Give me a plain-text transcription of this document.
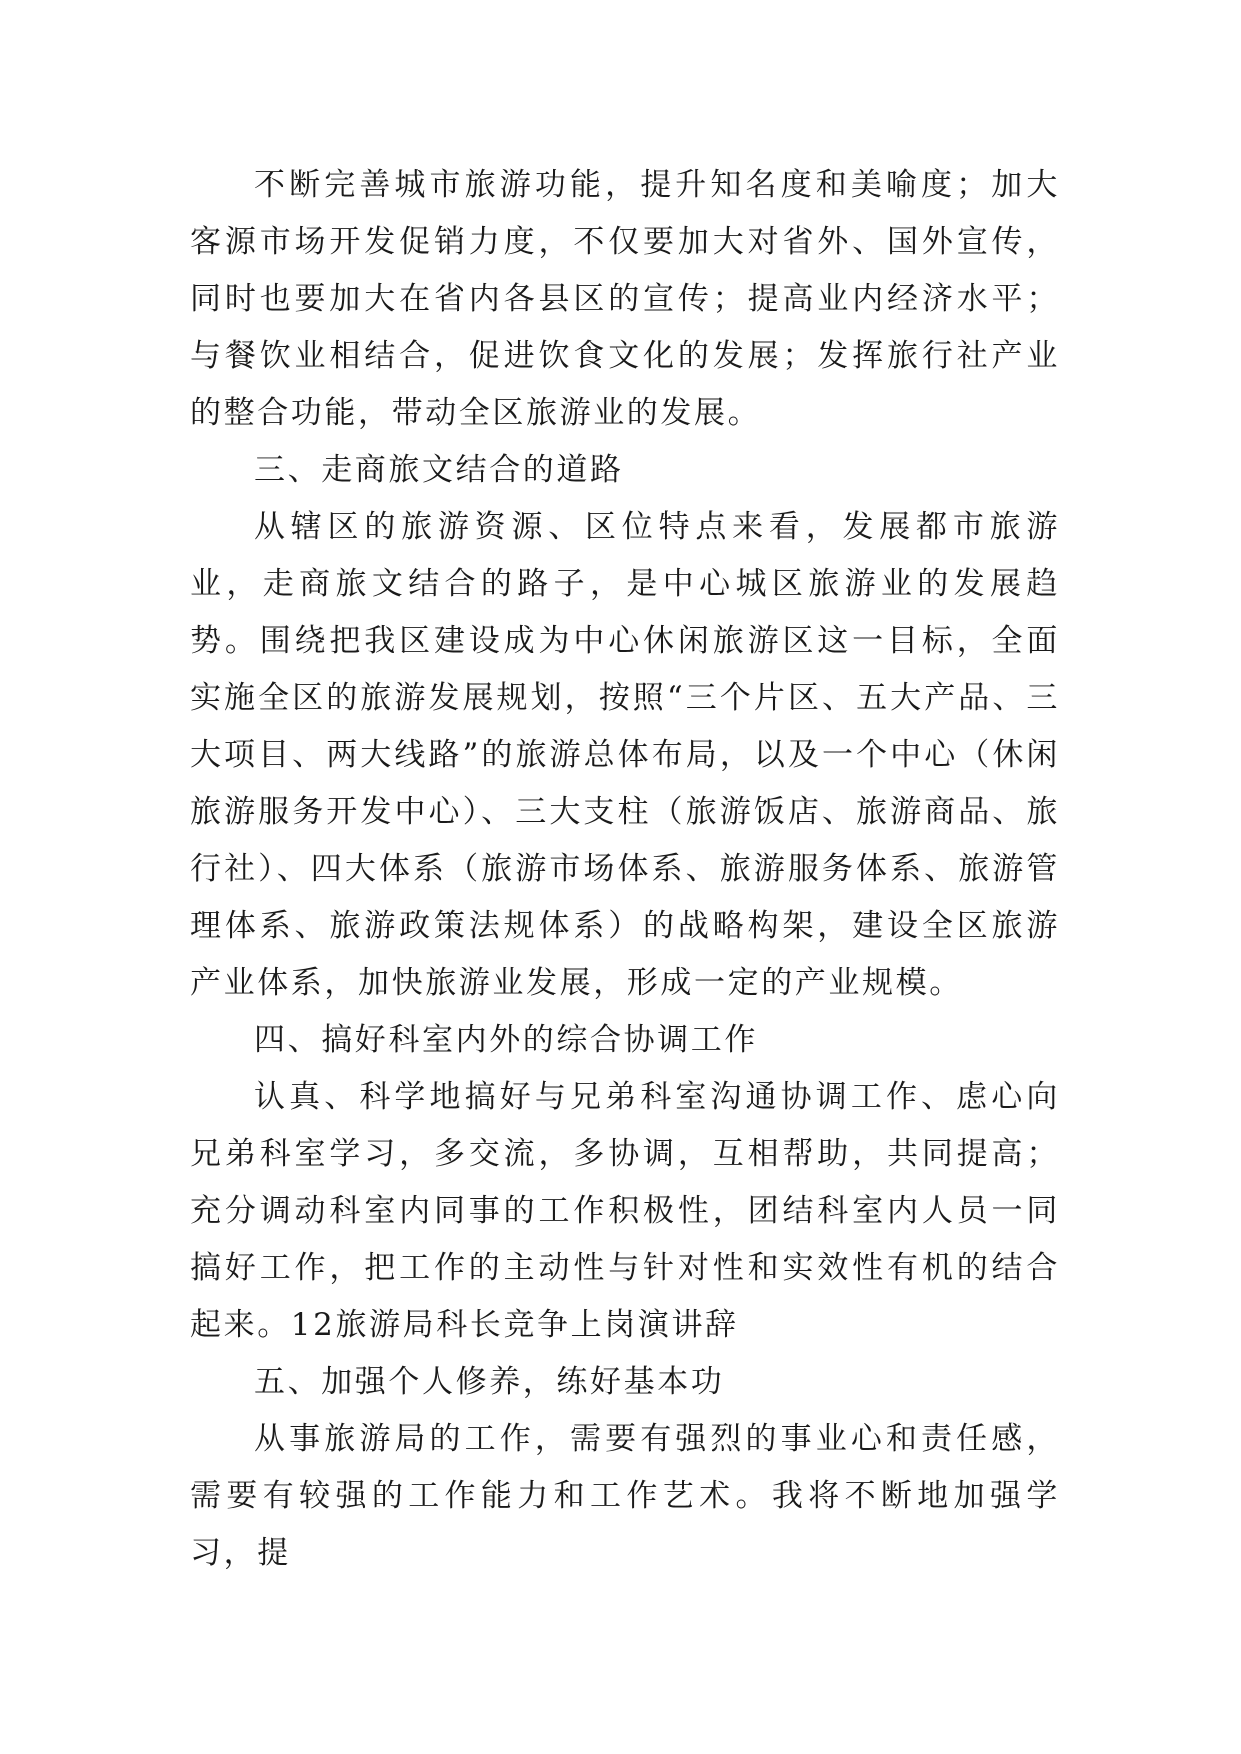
不断完善城市旅游功能，提升知名度和美喻度；加大客源市场开发促销力度，不仅要加大对省外、国外宣传，同时也要加大在省内各县区的宣传；提高业内经济水平；与餐饮业相结合，促进饮食文化的发展；发挥旅行社产业的整合功能，带动全区旅游业的发展。

三、走商旅文结合的道路

从辖区的旅游资源、区位特点来看，发展都市旅游业，走商旅文结合的路子，是中心城区旅游业的发展趋势。围绕把我区建设成为中心休闲旅游区这一目标，全面实施全区的旅游发展规划，按照“三个片区、五大产品、三大项目、两大线路”的旅游总体布局，以及一个中心（休闲旅游服务开发中心）、三大支柱（旅游饭店、旅游商品、旅行社）、四大体系（旅游市场体系、旅游服务体系、旅游管理体系、旅游政策法规体系）的战略构架，建设全区旅游产业体系，加快旅游业发展，形成一定的产业规模。

四、搞好科室内外的综合协调工作

认真、科学地搞好与兄弟科室沟通协调工作、虑心向兄弟科室学习，多交流，多协调，互相帮助，共同提高；充分调动科室内同事的工作积极性，团结科室内人员一同搞好工作，把工作的主动性与针对性和实效性有机的结合起来。12旅游局科长竞争上岗演讲辞

五、加强个人修养，练好基本功

从事旅游局的工作，需要有强烈的事业心和责任感，需要有较强的工作能力和工作艺术。我将不断地加强学习，提
